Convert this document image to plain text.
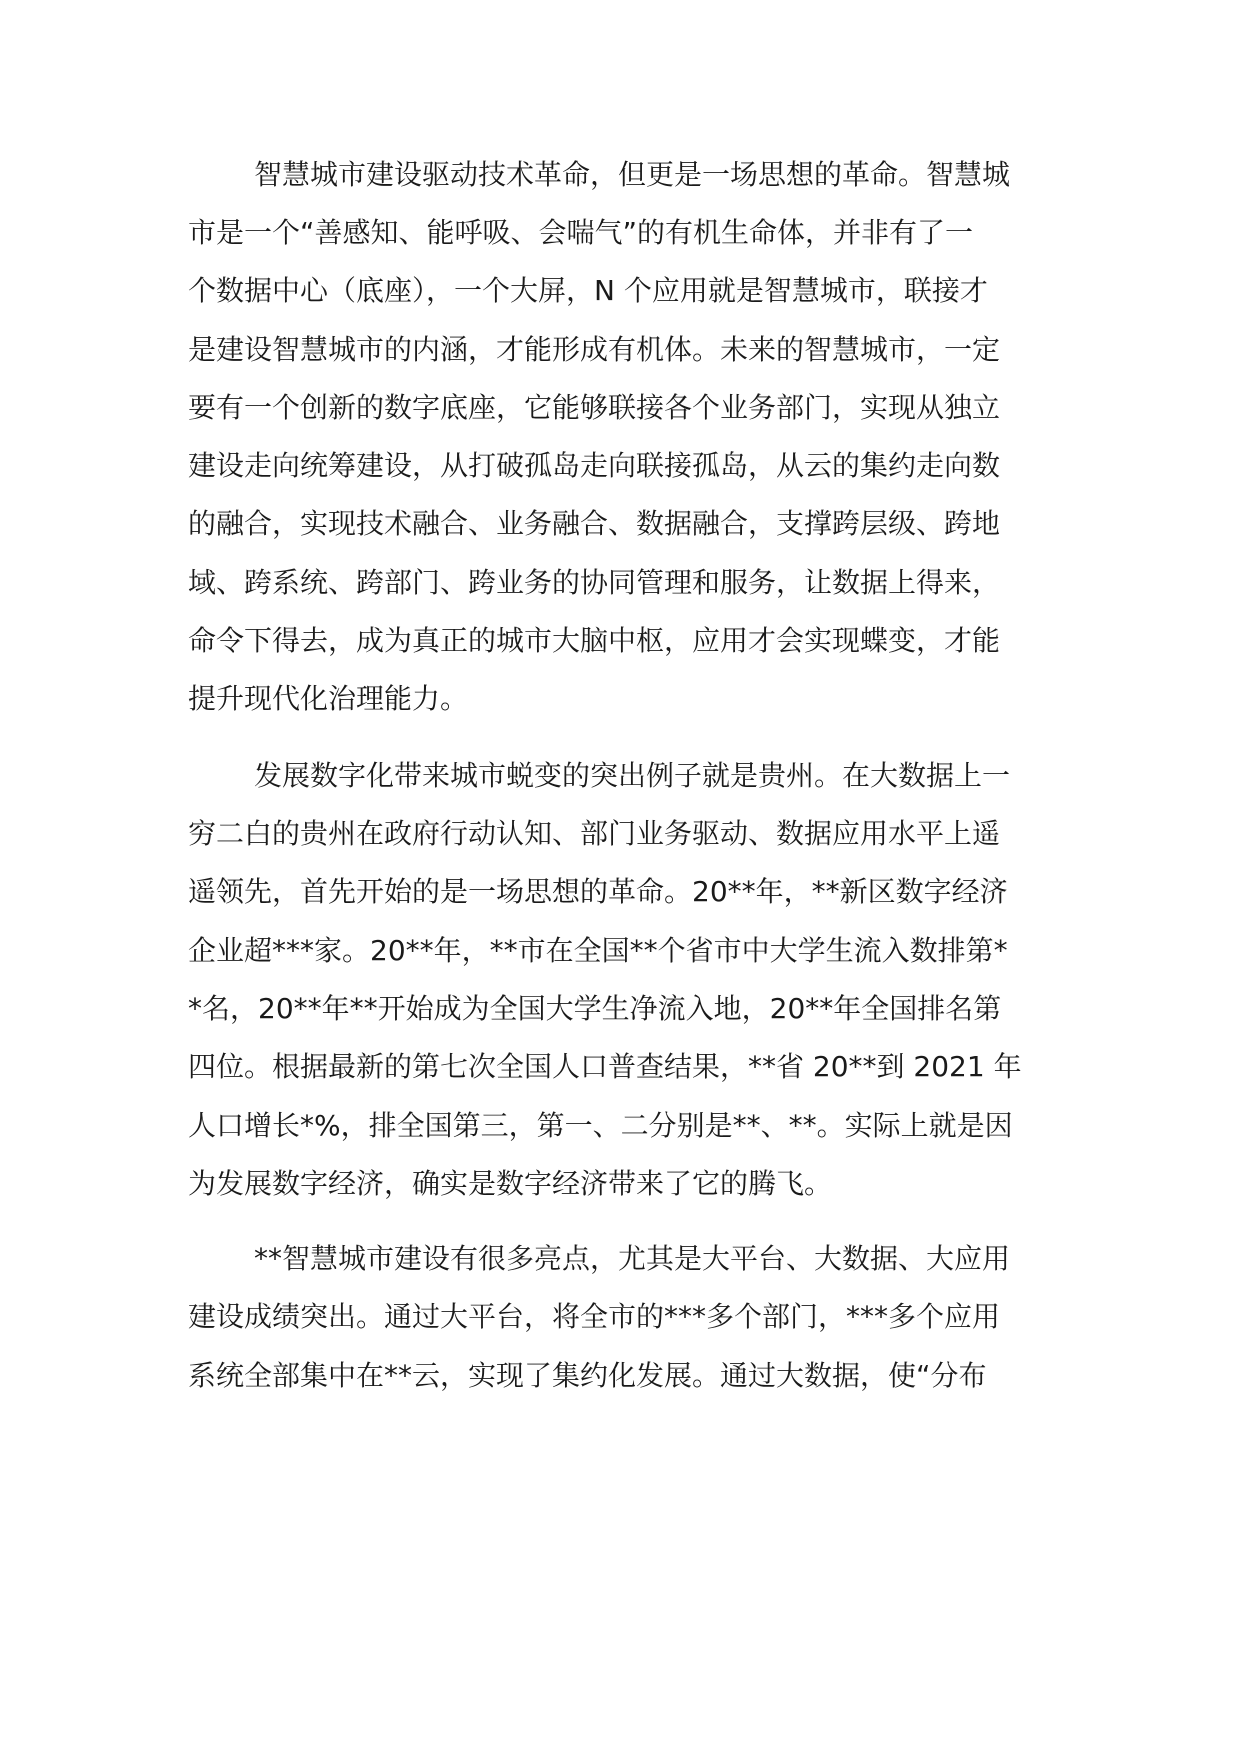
智慧城市建设驱动技术革命，但更是一场思想的革命。智慧城
市是一个“善感知、能呼吸、会喘气”的有机生命体，并非有了一
个数据中心（底座），一个大屏，N 个应用就是智慧城市，联接才
是建设智慧城市的内涵，才能形成有机体。未来的智慧城市，一定
要有一个创新的数字底座，它能够联接各个业务部门，实现从独立
建设走向统筹建设，从打破孤岛走向联接孤岛，从云的集约走向数
的融合，实现技术融合、业务融合、数据融合，支撑跨层级、跨地
域、跨系统、跨部门、跨业务的协同管理和服务，让数据上得来，
命令下得去，成为真正的城市大脑中枢，应用才会实现蝶变，才能
提升现代化治理能力。
发展数字化带来城市蜕变的突出例子就是贵州。在大数据上一
穷二白的贵州在政府行动认知、部门业务驱动、数据应用水平上遥
遥领先，首先开始的是一场思想的革命。20**年，**新区数字经济
企业超***家。20**年，**市在全国**个省市中大学生流入数排第*
*名，20**年**开始成为全国大学生净流入地，20**年全国排名第
四位。根据最新的第七次全国人口普查结果，**省 20**到 2021 年
人口增长*%，排全国第三，第一、二分别是**、**。实际上就是因
为发展数字经济，确实是数字经济带来了它的腾飞。
**智慧城市建设有很多亮点，尤其是大平台、大数据、大应用
建设成绩突出。通过大平台，将全市的***多个部门，***多个应用
系统全部集中在**云，实现了集约化发展。通过大数据，使“分布
